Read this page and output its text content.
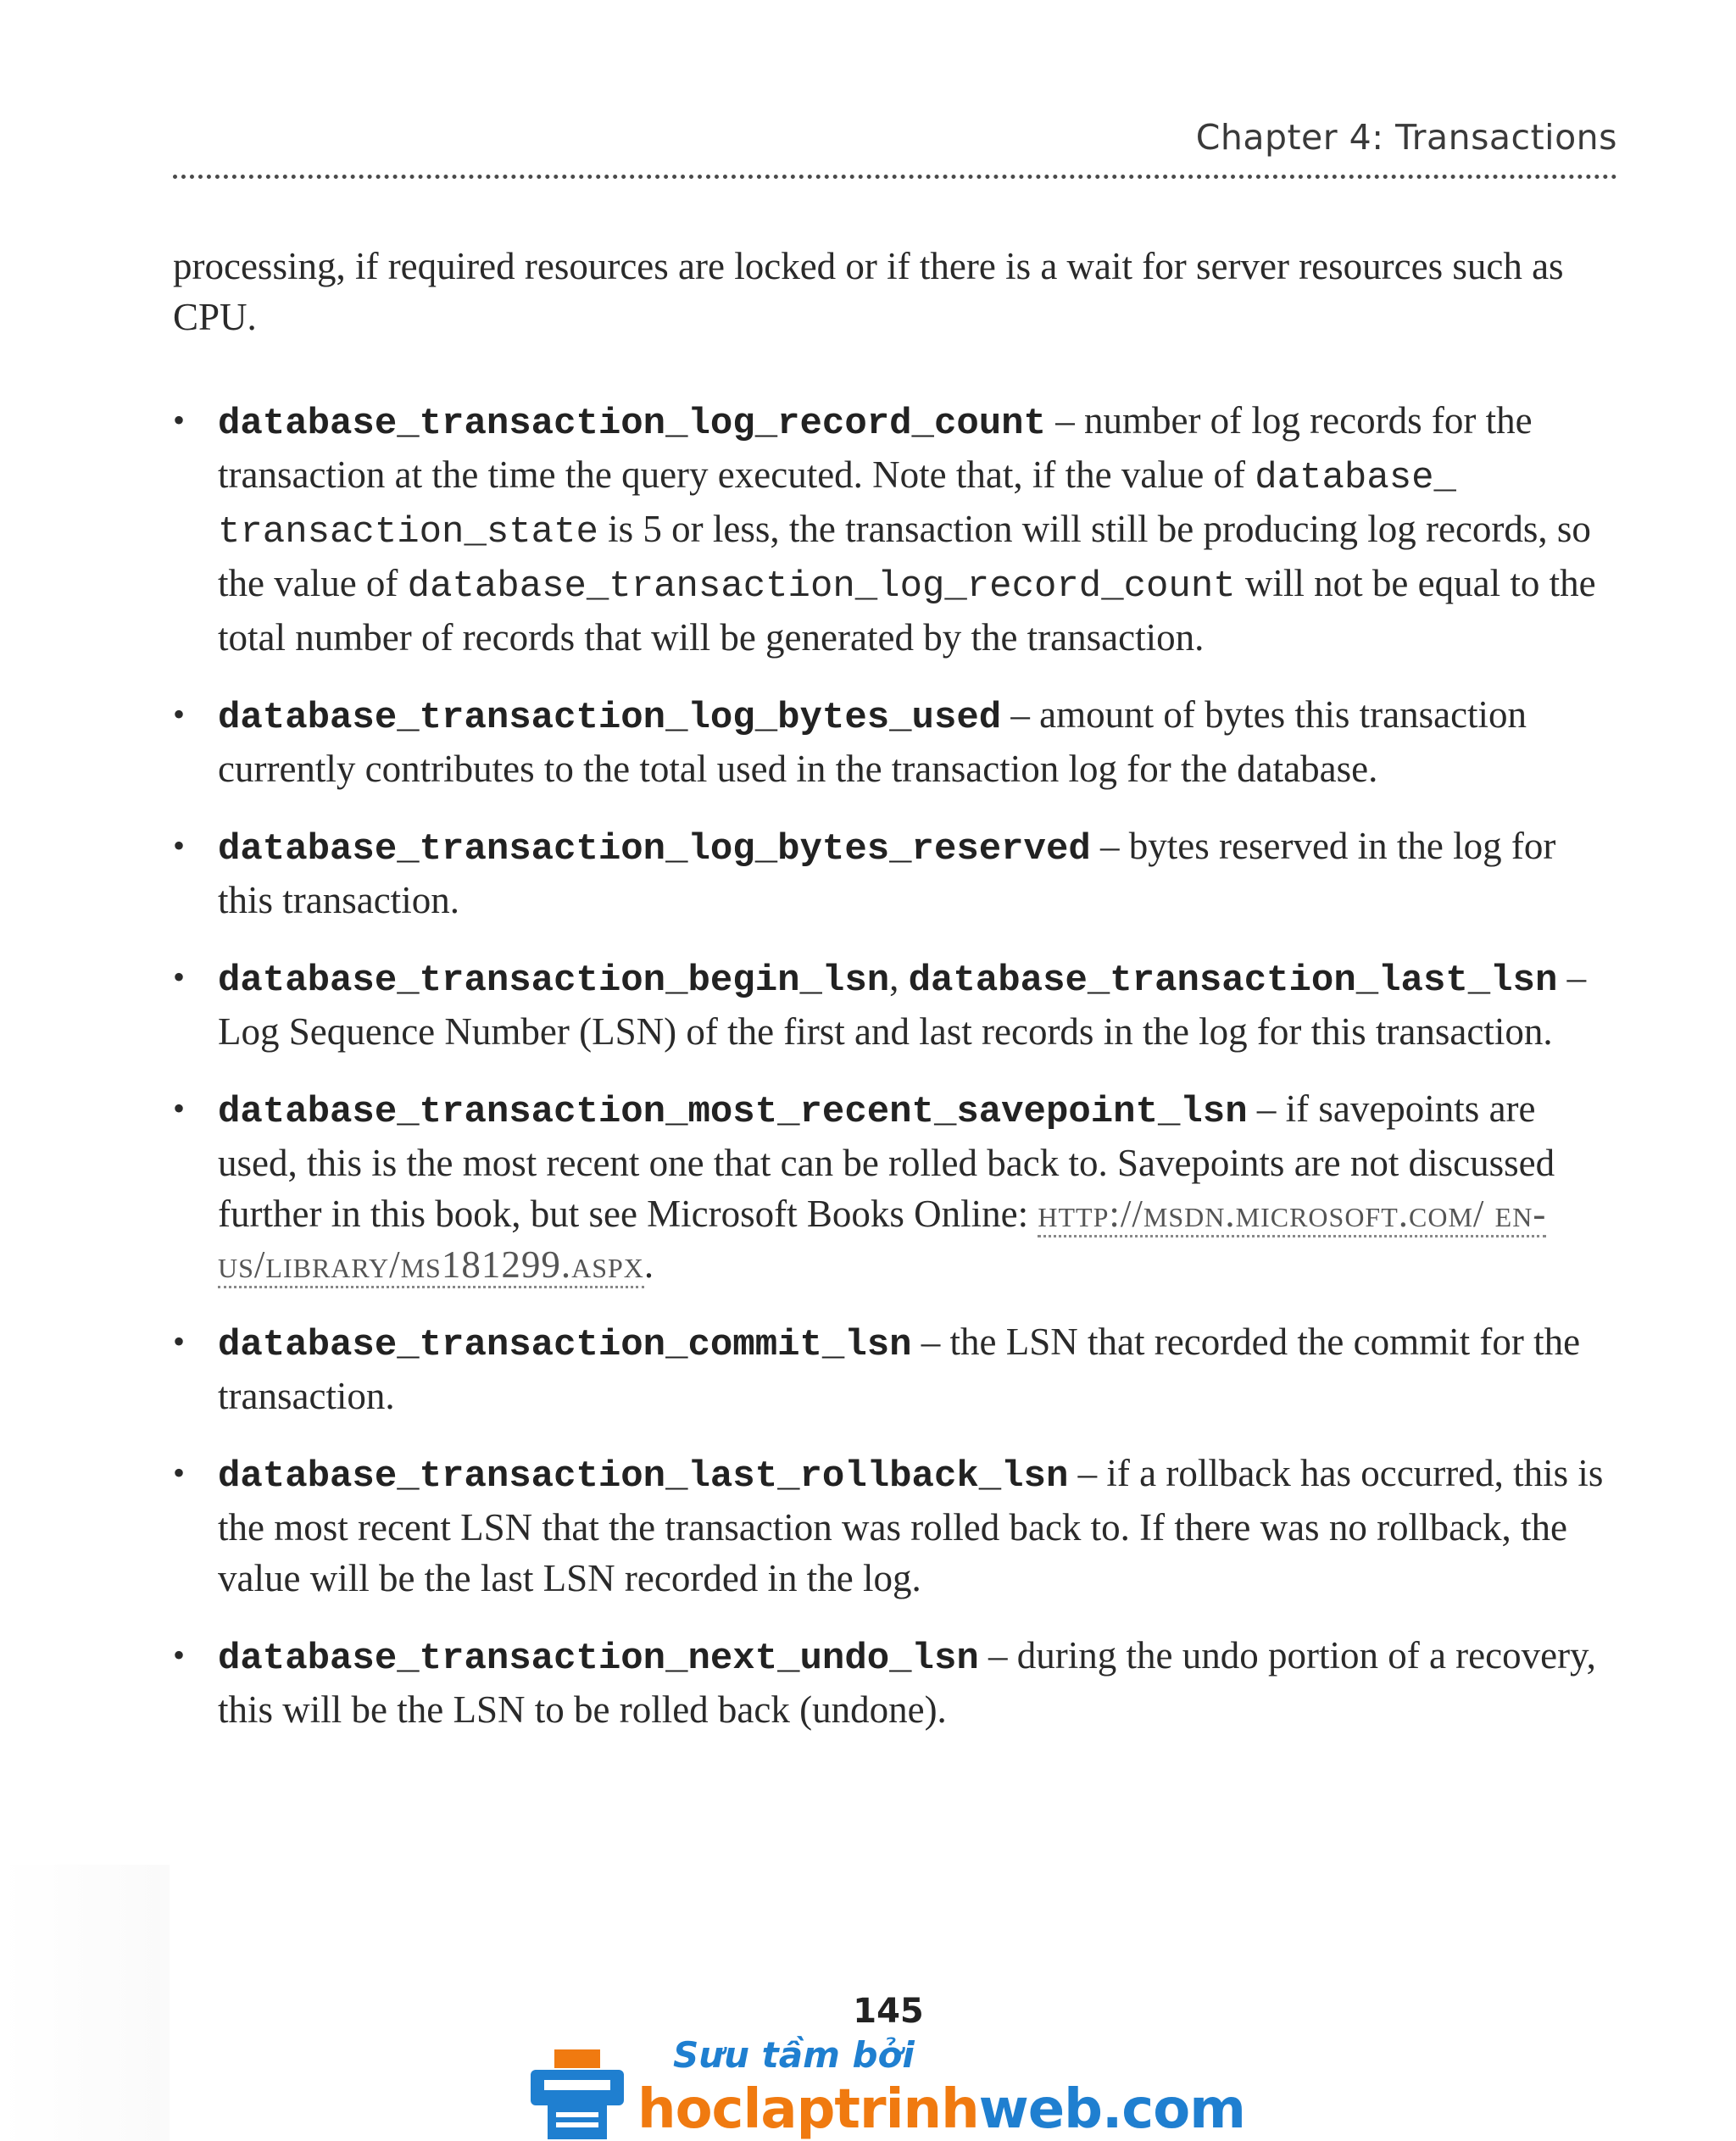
Chapter 4: Transactions

processing, if required resources are locked or if there is a wait for server resources such as CPU.

• database_transaction_log_record_count – number of log records for the transaction at the time the query executed. Note that, if the value of database_ transaction_state is 5 or less, the transaction will still be producing log records, so the value of database_transaction_log_record_count will not be equal to the total number of records that will be generated by the transaction.
• database_transaction_log_bytes_used – amount of bytes this transaction currently contributes to the total used in the transaction log for the database.
• database_transaction_log_bytes_reserved – bytes reserved in the log for this transaction.
• database_transaction_begin_lsn, database_transaction_last_lsn – Log Sequence Number (LSN) of the first and last records in the log for this transaction.
• database_transaction_most_recent_savepoint_lsn – if savepoints are used, this is the most recent one that can be rolled back to. Savepoints are not discussed further in this book, but see Microsoft Books Online: http://msdn.microsoft.com/ en-us/library/ms181299.aspx.
• database_transaction_commit_lsn – the LSN that recorded the commit for the transaction.
• database_transaction_last_rollback_lsn – if a rollback has occurred, this is the most recent LSN that the transaction was rolled back to. If there was no rollback, the value will be the last LSN recorded in the log.
• database_transaction_next_undo_lsn – during the undo portion of a recovery, this will be the LSN to be rolled back (undone).
145
Sưu tầm bởi
hoclaptrinhweb.com
